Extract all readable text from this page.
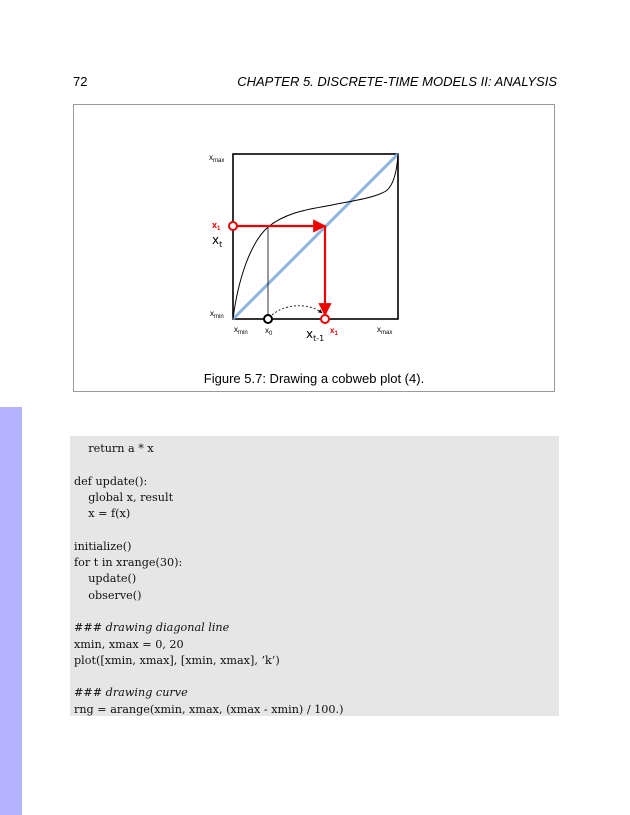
72	CHAPTER 5. DISCRETE-TIME MODELS II: ANALYSIS
$x_{max}$
$x_1$
$x_t$
$x_{min}$
$x_{min}$ $x_0$	$x_{t-1}$
$x_1$	$x_{max}$
Figure 5.7: Drawing a cobweb plot (4).
return a * x
def update():
global x, result
x = f(x)
initialize()
for t in xrange(30):
update()
observe()
### drawing diagonal line
xmin, xmax = 0, 20
plot([xmin, xmax], [xmin, xmax], ’k’)
### drawing curve
rng = arange(xmin, xmax, (xmax - xmin) / 100.)
